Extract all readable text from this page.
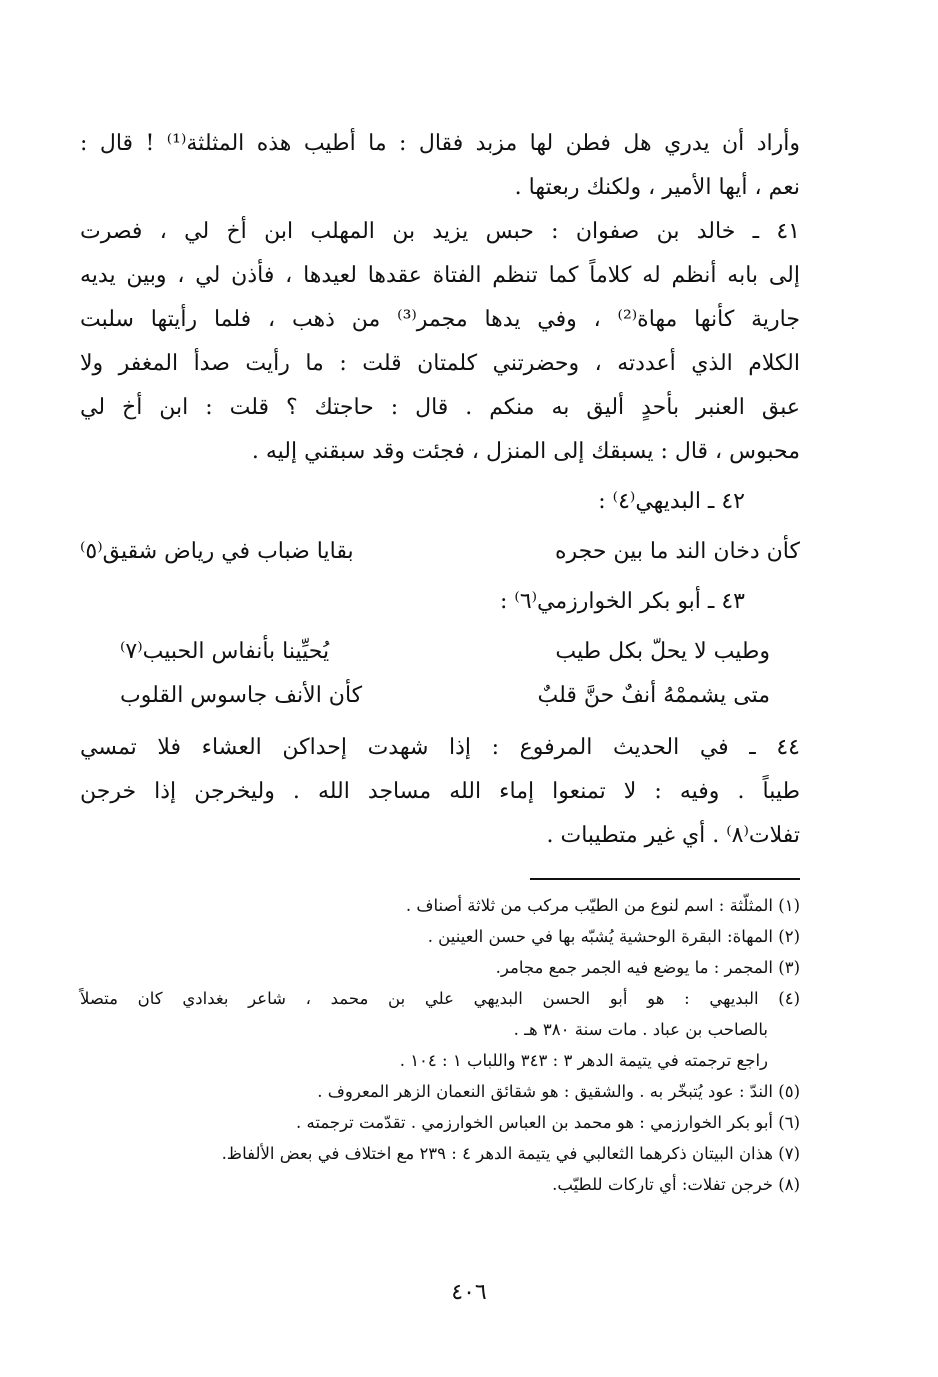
وأراد أن يدري هل فطن لها مزبد فقال : ما أطيب هذه المثلثة⁽¹⁾ ! قال :
نعم ، أيها الأمير ، ولكنك ربعتها .
٤١ ـ خالد بن صفوان : حبس يزيد بن المهلب ابن أخ لي ، فصرت
إلى بابه أنظم له كلاماً كما تنظم الفتاة عقدها لعيدها ، فأذن لي ، وبين يديه
جارية كأنها مهاة⁽²⁾ ، وفي يدها مجمر⁽³⁾ من ذهب ، فلما رأيتها سلبت
الكلام الذي أعددته ، وحضرتني كلمتان قلت : ما رأيت صدأ المغفر ولا
عبق العنبر بأحدٍ أليق به منكم . قال : حاجتك ؟ قلت : ابن أخ لي
محبوس ، قال : يسبقك إلى المنزل ، فجئت وقد سبقني إليه .
٤٢ ـ البديهي⁽٤⁾ :
كأن دخان الند ما بين حجره
بقايا ضباب في رياض شقيق⁽٥⁾
٤٣ ـ أبو بكر الخوارزمي⁽٦⁾ :
وطيب لا يحلّ بكل طيب
يُحيِّينا بأنفاس الحبيب⁽٧⁾
متى يشممْهُ أنفٌ حنَّ قلبٌ
كأن الأنف جاسوس القلوب
٤٤ ـ في الحديث المرفوع : إذا شهدت إحداكن العشاء فلا تمسي
طيباً . وفيه : لا تمنعوا إماء الله مساجد الله . وليخرجن إذا خرجن
تفلات⁽٨⁾ . أي غير متطيبات .
(١) المثلّثة : اسم لنوع من الطيّب مركب من ثلاثة أصناف .
(٢) المهاة: البقرة الوحشية يُشبّه بها في حسن العينين .
(٣) المجمر : ما يوضع فيه الجمر جمع مجامر.
(٤) البديهي : هو أبو الحسن البديهي علي بن محمد ، شاعر بغدادي كان متصلاً
بالصاحب بن عباد . مات سنة ٣٨٠ هـ .
راجع ترجمته في يتيمة الدهر ٣ : ٣٤٣ واللباب ١ : ١٠٤ .
(٥) الندّ : عود يُتبخّر به . والشقيق : هو شقائق النعمان الزهر المعروف .
(٦) أبو بكر الخوارزمي : هو محمد بن العباس الخوارزمي . تقدّمت ترجمته .
(٧) هذان البيتان ذكرهما الثعالبي في يتيمة الدهر ٤ : ٢٣٩ مع اختلاف في بعض الألفاظ.
(٨) خرجن تفلات: أي تاركات للطيّب.
٤٠٦
